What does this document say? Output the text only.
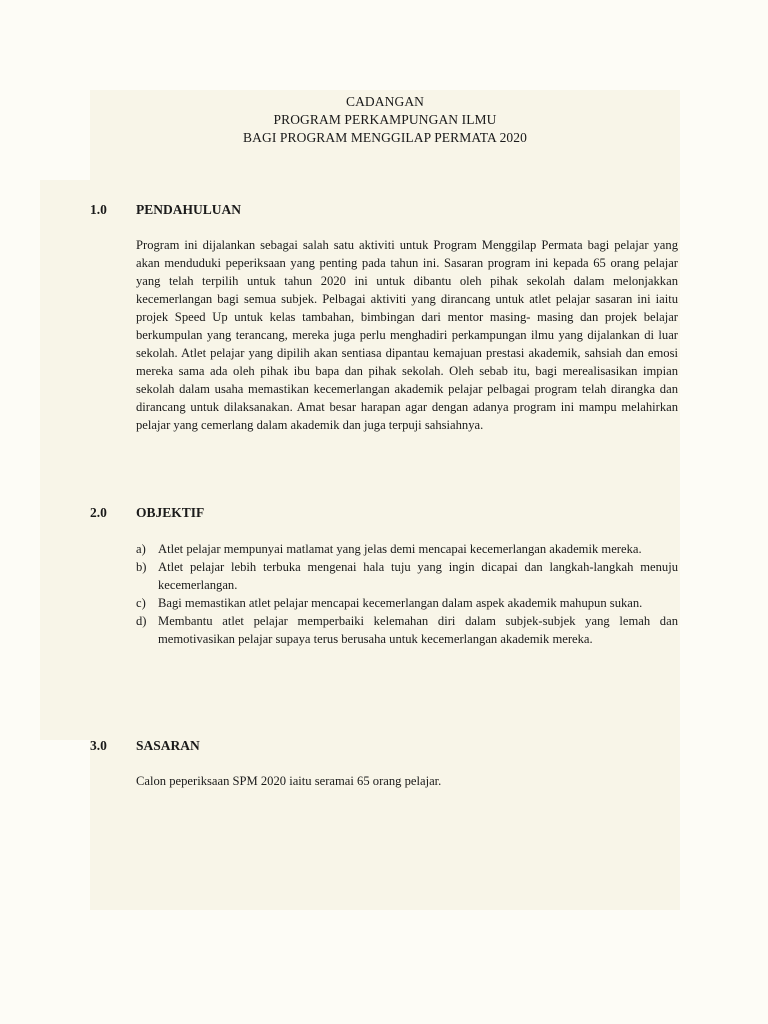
CADANGAN
PROGRAM PERKAMPUNGAN ILMU
BAGI PROGRAM MENGGILAP PERMATA 2020
1.0 PENDAHULUAN
Program ini dijalankan sebagai salah satu aktiviti untuk Program Menggilap Permata bagi pelajar yang akan menduduki peperiksaan yang penting pada tahun ini. Sasaran program ini kepada 65 orang pelajar yang telah terpilih untuk tahun 2020 ini untuk dibantu oleh pihak sekolah dalam melonjakkan kecemerlangan bagi semua subjek. Pelbagai aktiviti yang dirancang untuk atlet pelajar sasaran ini iaitu projek Speed Up untuk kelas tambahan, bimbingan dari mentor masing- masing dan projek belajar berkumpulan yang terancang, mereka juga perlu menghadiri perkampungan ilmu yang dijalankan di luar sekolah. Atlet pelajar yang dipilih akan sentiasa dipantau kemajuan prestasi akademik, sahsiah dan emosi mereka sama ada oleh pihak ibu bapa dan pihak sekolah. Oleh sebab itu, bagi merealisasikan impian sekolah dalam usaha memastikan kecemerlangan akademik pelajar pelbagai program telah dirangka dan dirancang untuk dilaksanakan. Amat besar harapan agar dengan adanya program ini mampu melahirkan pelajar yang cemerlang dalam akademik dan juga terpuji sahsiahnya.
2.0 OBJEKTIF
a) Atlet pelajar mempunyai matlamat yang jelas demi mencapai kecemerlangan akademik mereka.
b) Atlet pelajar lebih terbuka mengenai hala tuju yang ingin dicapai dan langkah-langkah menuju kecemerlangan.
c) Bagi memastikan atlet pelajar mencapai kecemerlangan dalam aspek akademik mahupun sukan.
d) Membantu atlet pelajar memperbaiki kelemahan diri dalam subjek-subjek yang lemah dan memotivasikan pelajar supaya terus berusaha untuk kecemerlangan akademik mereka.
3.0 SASARAN
Calon peperiksaan SPM 2020 iaitu seramai 65 orang pelajar.
